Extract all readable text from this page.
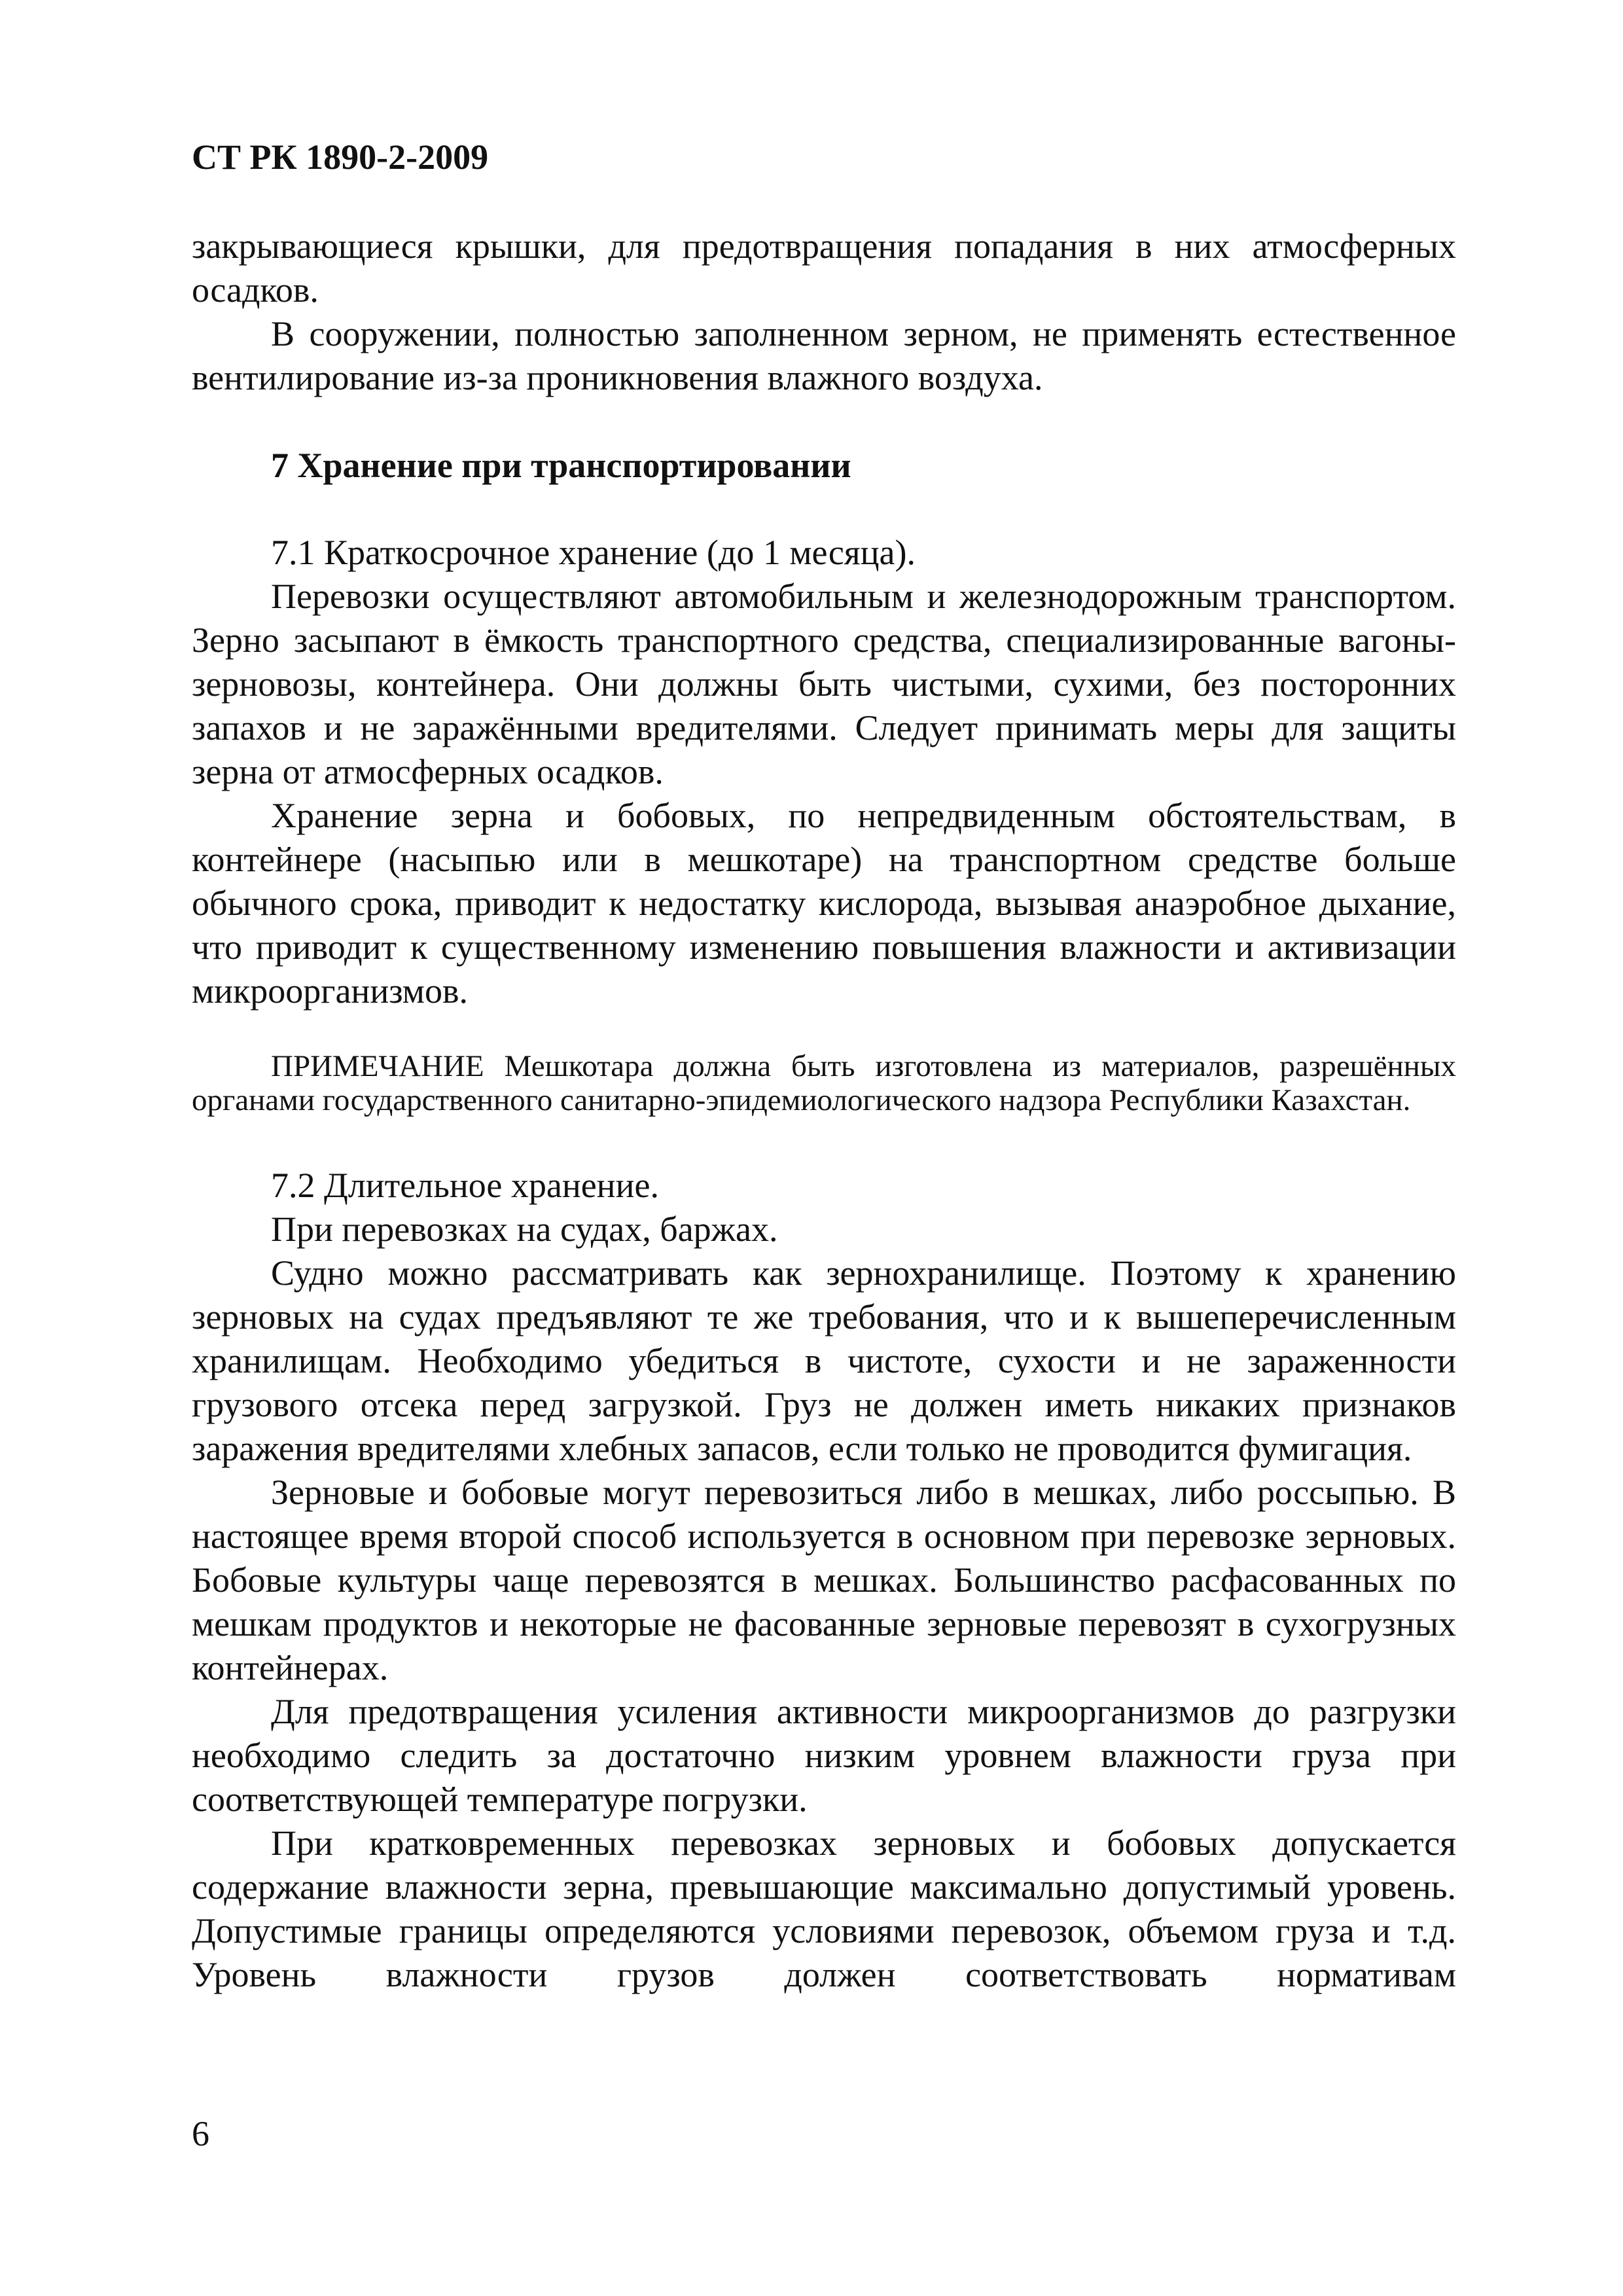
СТ РК 1890-2-2009

закрывающиеся крышки, для предотвращения попадания в них атмосферных осадков.

В сооружении, полностью заполненном зерном, не применять естественное вентилирование из-за проникновения влажного воздуха.

7 Хранение при транспортировании

7.1 Краткосрочное хранение (до 1 месяца).

Перевозки осуществляют автомобильным и железнодорожным транспортом. Зерно засыпают в ёмкость транспортного средства, специализированные вагоны-зерновозы, контейнера. Они должны быть чистыми, сухими, без посторонних запахов и не заражёнными вредителями. Следует принимать меры для защиты зерна от атмосферных осадков.

Хранение зерна и бобовых, по непредвиденным обстоятельствам, в контейнере (насыпью или в мешкотаре) на транспортном средстве больше обычного срока, приводит к недостатку кислорода, вызывая анаэробное дыхание, что приводит к существенному изменению повышения влажности и активизации микроорганизмов.

ПРИМЕЧАНИЕ Мешкотара должна быть изготовлена из материалов, разрешённых органами государственного санитарно-эпидемиологического надзора Республики Казахстан.

7.2 Длительное хранение.

При перевозках на судах, баржах.

Судно можно рассматривать как зернохранилище. Поэтому к хранению зерновых на судах предъявляют те же требования, что и к вышеперечисленным хранилищам. Необходимо убедиться в чистоте, сухости и не зараженности грузового отсека перед загрузкой. Груз не должен иметь никаких признаков заражения вредителями хлебных запасов, если только не проводится фумигация.

Зерновые и бобовые могут перевозиться либо в мешках, либо россыпью. В настоящее время второй способ используется в основном при перевозке зерновых. Бобовые культуры чаще перевозятся в мешках. Большинство расфасованных по мешкам продуктов и некоторые не фасованные зерновые перевозят в сухогрузных контейнерах.

Для предотвращения усиления активности микроорганизмов до разгрузки необходимо следить за достаточно низким уровнем влажности груза при соответствующей температуре погрузки.

При кратковременных перевозках зерновых и бобовых допускается содержание влажности зерна, превышающие максимально допустимый уровень. Допустимые границы определяются условиями перевозок, объемом груза и т.д. Уровень влажности грузов должен соответствовать нормативам

6
